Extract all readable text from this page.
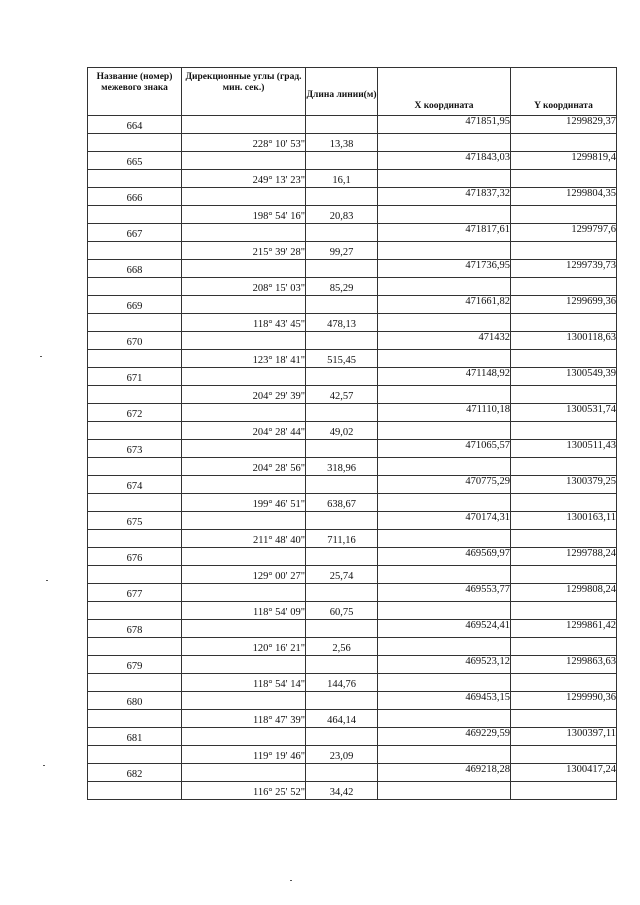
Название (номер) межевого знака	Дирекционные углы (град. мин. сек.)	Длина линии(м)	X координата	Y координата
664			471851,95	1299829,37
	228° 10' 53"	13,38		
665			471843,03	1299819,4
	249° 13' 23"	16,1		
666			471837,32	1299804,35
	198° 54' 16"	20,83		
667			471817,61	1299797,6
	215° 39' 28"	99,27		
668			471736,95	1299739,73
	208° 15' 03"	85,29		
669			471661,82	1299699,36
	118° 43' 45"	478,13		
670			471432	1300118,63
	123° 18' 41"	515,45		
671			471148,92	1300549,39
	204° 29' 39"	42,57		
672			471110,18	1300531,74
	204° 28' 44"	49,02		
673			471065,57	1300511,43
	204° 28' 56"	318,96		
674			470775,29	1300379,25
	199° 46' 51"	638,67		
675			470174,31	1300163,11
	211° 48' 40"	711,16		
676			469569,97	1299788,24
	129° 00' 27"	25,74		
677			469553,77	1299808,24
	118° 54' 09"	60,75		
678			469524,41	1299861,42
	120° 16' 21"	2,56		
679			469523,12	1299863,63
	118° 54' 14"	144,76		
680			469453,15	1299990,36
	118° 47' 39"	464,14		
681			469229,59	1300397,11
	119° 19' 46"	23,09		
682			469218,28	1300417,24
	116° 25' 52"	34,42		
